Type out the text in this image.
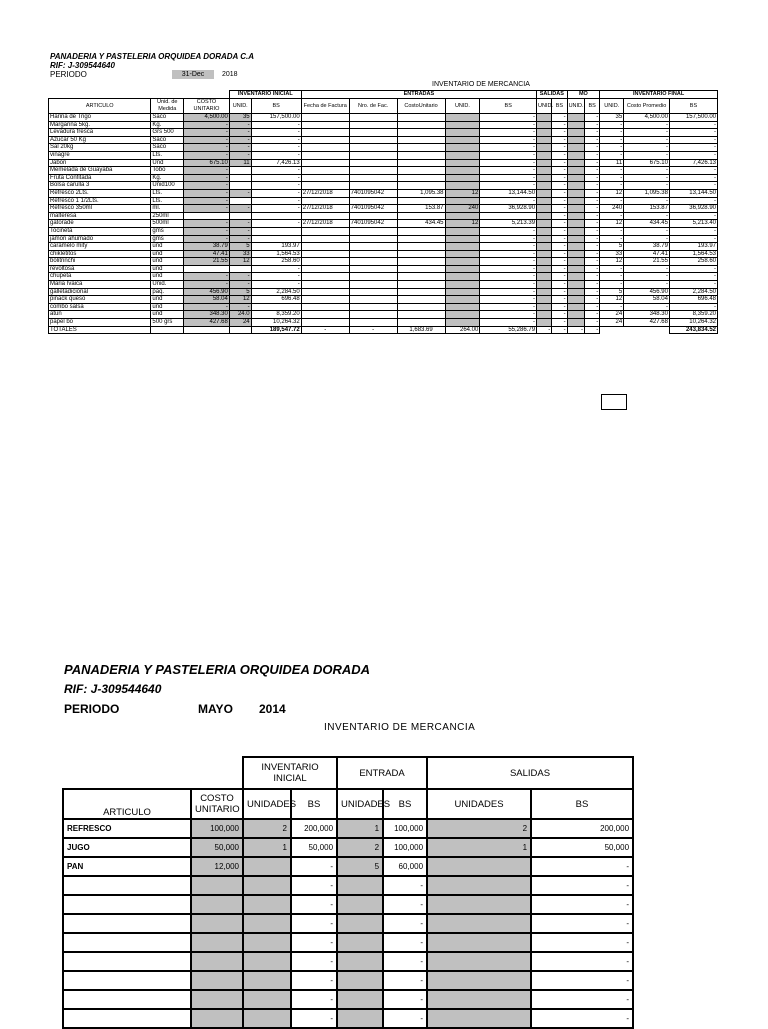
PANADERIA Y PASTELERIA ORQUIDEA DORADA C.A
RIF: J-309544640
PERIODO	31-Dec	2018
INVENTARIO DE MERCANCIA
			INVENTARIO INICIAL		ENTRADAS					SALIDAS		MO		INVENTARIO FINAL		
ARTICULO	Unid. de Medida	COSTO UNITARIO	UNID.	BS	Fecha de Factura	Nro. de Fac.	CostoUnitario	UNID.	BS	UNID.	BS	UNID.	BS	UNID.	Costo Promedio	BS
Harina de Trigo	Saco	4,500.00	35	157,500.00					-		-		-	35	4,500.00	157,500.00
Margarina 5kg.	Kg.	-	-	-					-		-		-	-	-	-
Levadura fresca	Grs 500	-	-	-					-		-		-	-	-	-
Azucar 50 Kg	Saco	-	-	-					-		-		-	-	-	-
Sal 20kg	Saco	-	-	-					-		-		-	-	-	-
vinagre	Lts.	-	-	-					-		-		-	-	-	-
Jabon	Und	675.10	11	7,426.13					-		-		-	11	675.10	7,426.13
Memelada de Guayaba	Tobo	-		-					-		-		-	-	-	-
Fruta Confitada	Kg.	-		-					-		-		-	-	-	-
Bolsa carulla 3	Unid100	-		-					-		-		-	-	-	-
Refresco 2Lts.	Lts.	-	-	-	27/12/2018	7401095042	1,095.38	12	13,144.50		-		-	12	1,095.38	13,144.50
Refresco 1 1/2Lts.	Lts.	-		-					-		-		-	-	-	-
Refresco 350ml	ml.	-	-	-	27/12/2018	7401095042	153.87	240	36,928.90		-		-	240	153.87	36,928.90
malteresa	250ml										-		-	-	-	-
gatorade	500ml	-	-	-	27/12/2018	7401095042	434.45	12	5,213.39		-		-	12	434.45	5,213.40
Tocineta	gms	-	-						-		-		-	-	-	-
jamon ahumado	gms	-	-						-		-		-	-	-	-
caramelo mity	und	38.79	5	193.97					-		-		-	5	38.79	193.97
chikletitos	und	47.41	33	1,564.53					-		-		-	33	47.41	1,564.53
bolitrinchi	und	21.55	12	258.60					-		-		-	12	21.55	258.60
revoltosa	und			-					-		-		-	-	-	-
chupeta	und	-	-	-					-		-		-	-	-	-
Maria Ivaica	Unid.	-	-	-					-		-		-	-	-	-
galletadicional	paq.	456.90	5	2,284.50					-		-		-	5	456.90	2,284.50
pinack queso	und	58.04	12	696.48					-		-		-	12	58.04	696.48
combo salsa	und	-	-						-		-		-	-	-	-
atun	und	348.30	24.0	8,359.20					-		-		-	24	348.30	8,359.20
papel bo	500 grs	427.68	24	10,264.32					-		-		-	24	427.68	10,264.32
TOTALES				189,547.72	-	-	1,683.69	264.00	55,286.79	-	-	-	-			243,834.52
PANADERIA Y PASTELERIA ORQUIDEA DORADA
RIF: J-309544640
PERIODO	MAYO 2014
INVENTARIO DE MERCANCIA
		INVENTARIO INICIAL		ENTRADA		SALIDAS	
ARTICULO	COSTO UNITARIO	UNIDADES	BS	UNIDADES	BS	UNIDADES	BS
REFRESCO	100,000	2	200,000	1	100,000	2	200,000
JUGO	50,000	1	50,000	2	100,000	1	50,000
PAN	12,000		-	5	60,000		-
			-		-		-
			-		-		-
			-		-		-
			-		-		-
			-		-		-
			-		-		-
			-		-		-
			-		-		-
